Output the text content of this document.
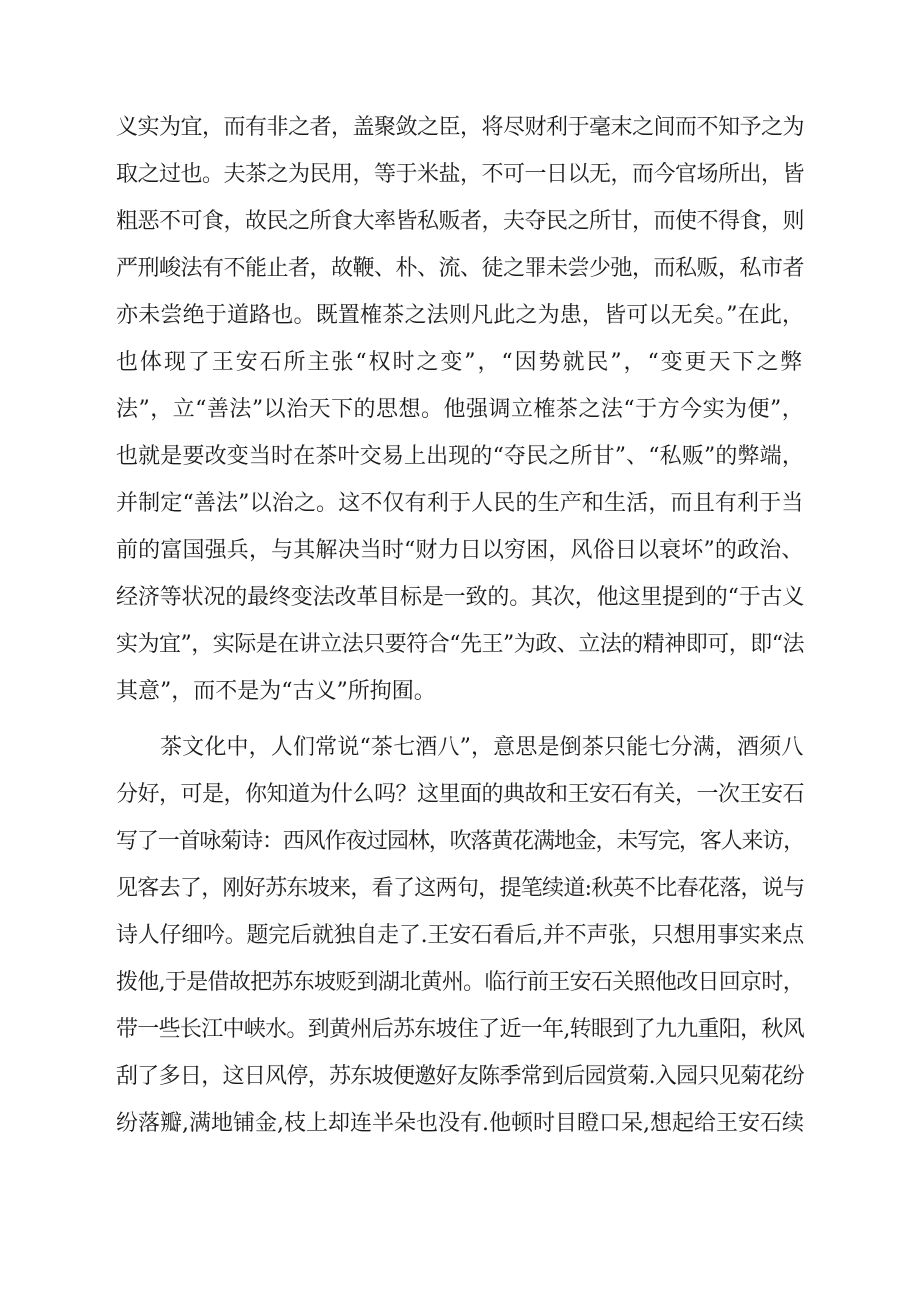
义实为宜，而有非之者，盖聚敛之臣，将尽财利于毫末之间而不知予之为
取之过也。夫茶之为民用，等于米盐，不可一日以无，而今官场所出，皆
粗恶不可食，故民之所食大率皆私贩者，夫夺民之所甘，而使不得食，则
严刑峻法有不能止者，故鞭、朴、流、徒之罪未尝少弛，而私贩，私市者
亦未尝绝于道路也。既置榷茶之法则凡此之为患，皆可以无矣。”在此，
也体现了王安石所主张“权时之变”，“因势就民”，“变更天下之弊
法”，立“善法”以治天下的思想。他强调立榷茶之法“于方今实为便”，
也就是要改变当时在茶叶交易上出现的“夺民之所甘”、“私贩”的弊端，
并制定“善法”以治之。这不仅有利于人民的生产和生活，而且有利于当
前的富国强兵，与其解决当时“财力日以穷困，风俗日以衰坏”的政治、
经济等状况的最终变法改革目标是一致的。其次，他这里提到的“于古义
实为宜”，实际是在讲立法只要符合“先王”为政、立法的精神即可，即“法
其意”，而不是为“古义”所拘囿。
茶文化中，人们常说“茶七酒八”，意思是倒茶只能七分满，酒须八
分好，可是，你知道为什么吗？这里面的典故和王安石有关，一次王安石
写了一首咏菊诗：西风作夜过园林，吹落黄花满地金，未写完，客人来访，
见客去了，刚好苏东坡来，看了这两句，提笔续道:秋英不比春花落，说与
诗人仔细吟。题完后就独自走了.王安石看后,并不声张，只想用事实来点
拨他,于是借故把苏东坡贬到湖北黄州。临行前王安石关照他改日回京时，
带一些长江中峡水。到黄州后苏东坡住了近一年,转眼到了九九重阳，秋风
刮了多日，这日风停，苏东坡便邀好友陈季常到后园赏菊.入园只见菊花纷
纷落瓣,满地铺金,枝上却连半朵也没有.他顿时目瞪口呆,想起给王安石续
